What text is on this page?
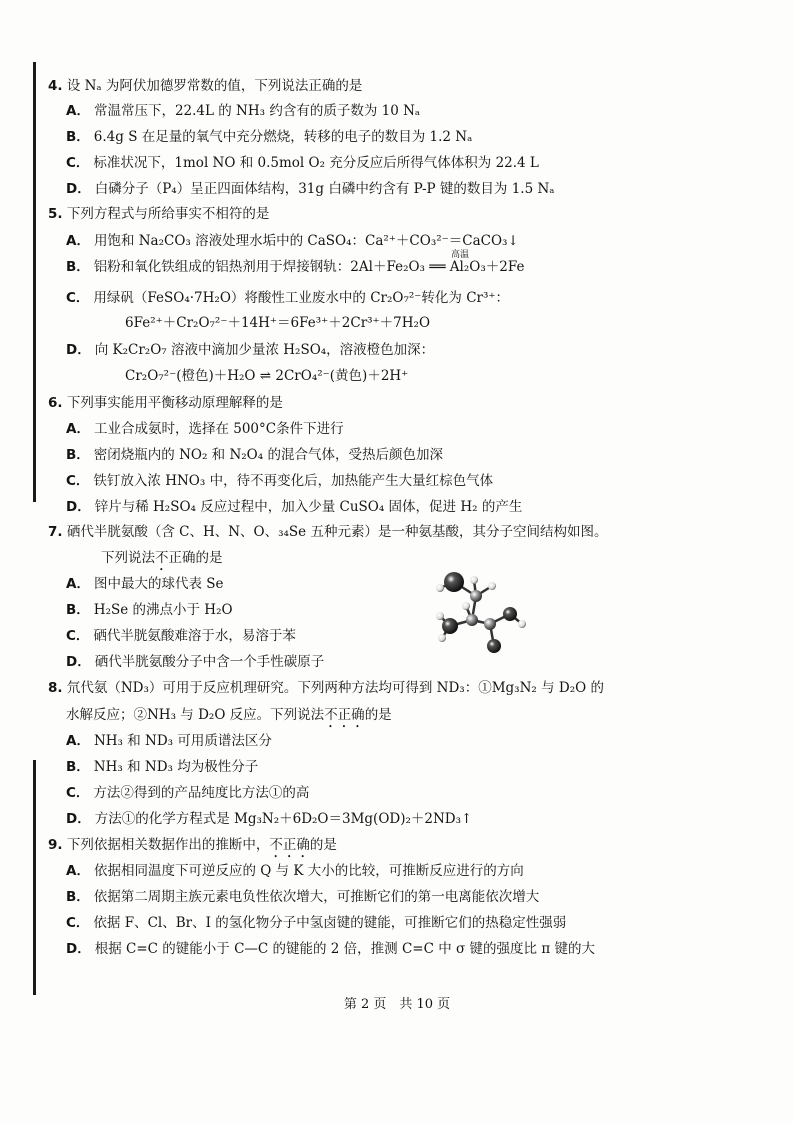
4. 设 Nₐ 为阿伏加德罗常数的值，下列说法正确的是
A． 常温常压下，22.4L 的 NH₃ 约含有的质子数为 10 Nₐ
B． 6.4g S 在足量的氧气中充分燃烧，转移的电子的数目为 1.2 Nₐ
C． 标准状况下，1mol NO 和 0.5mol O₂ 充分反应后所得气体体积为 22.4 L
D． 白磷分子（P₄）呈正四面体结构，31g 白磷中约含有 P-P 键的数目为 1.5 Nₐ
5. 下列方程式与所给事实不相符的是
A． 用饱和 Na₂CO₃ 溶液处理水垢中的 CaSO₄：Ca²⁺＋CO₃²⁻＝CaCO₃↓
B． 铝粉和氧化铁组成的铝热剂用于焊接钢轨：2Al＋Fe₂O₃ ══ Al₂O₃＋2Fe
高温
C． 用绿矾（FeSO₄·7H₂O）将酸性工业废水中的 Cr₂O₇²⁻转化为 Cr³⁺：
6Fe²⁺＋Cr₂O₇²⁻＋14H⁺＝6Fe³⁺＋2Cr³⁺＋7H₂O
D． 向 K₂Cr₂O₇ 溶液中滴加少量浓 H₂SO₄，溶液橙色加深：
Cr₂O₇²⁻(橙色)＋H₂O ⇌ 2CrO₄²⁻(黄色)＋2H⁺
6. 下列事实能用平衡移动原理解释的是
A． 工业合成氨时，选择在 500°C条件下进行
B． 密闭烧瓶内的 NO₂ 和 N₂O₄ 的混合气体，受热后颜色加深
C． 铁钉放入浓 HNO₃ 中，待不再变化后，加热能产生大量红棕色气体
D． 锌片与稀 H₂SO₄ 反应过程中，加入少量 CuSO₄ 固体，促进 H₂ 的产生
7. 硒代半胱氨酸（含 C、H、N、O、₃₄Se 五种元素）是一种氨基酸，其分子空间结构如图。
下列说法不正确的是
A． 图中最大的球代表 Se
B． H₂Se 的沸点小于 H₂O
C． 硒代半胱氨酸难溶于水，易溶于苯
D． 硒代半胱氨酸分子中含一个手性碳原子
8. 氘代氨（ND₃）可用于反应机理研究。下列两种方法均可得到 ND₃：①Mg₃N₂ 与 D₂O 的
水解反应；②NH₃ 与 D₂O 反应。下列说法不正确的是
A． NH₃ 和 ND₃ 可用质谱法区分
B． NH₃ 和 ND₃ 均为极性分子
C． 方法②得到的产品纯度比方法①的高
D． 方法①的化学方程式是 Mg₃N₂＋6D₂O＝3Mg(OD)₂＋2ND₃↑
9. 下列依据相关数据作出的推断中，不正确的是
A． 依据相同温度下可逆反应的 Q 与 K 大小的比较，可推断反应进行的方向
B． 依据第二周期主族元素电负性依次增大，可推断它们的第一电离能依次增大
C． 依据 F、Cl、Br、I 的氢化物分子中氢卤键的键能，可推断它们的热稳定性强弱
D． 根据 C=C 的键能小于 C—C 的键能的 2 倍，推测 C=C 中 σ 键的强度比 π 键的大
第 2 页　共 10 页
